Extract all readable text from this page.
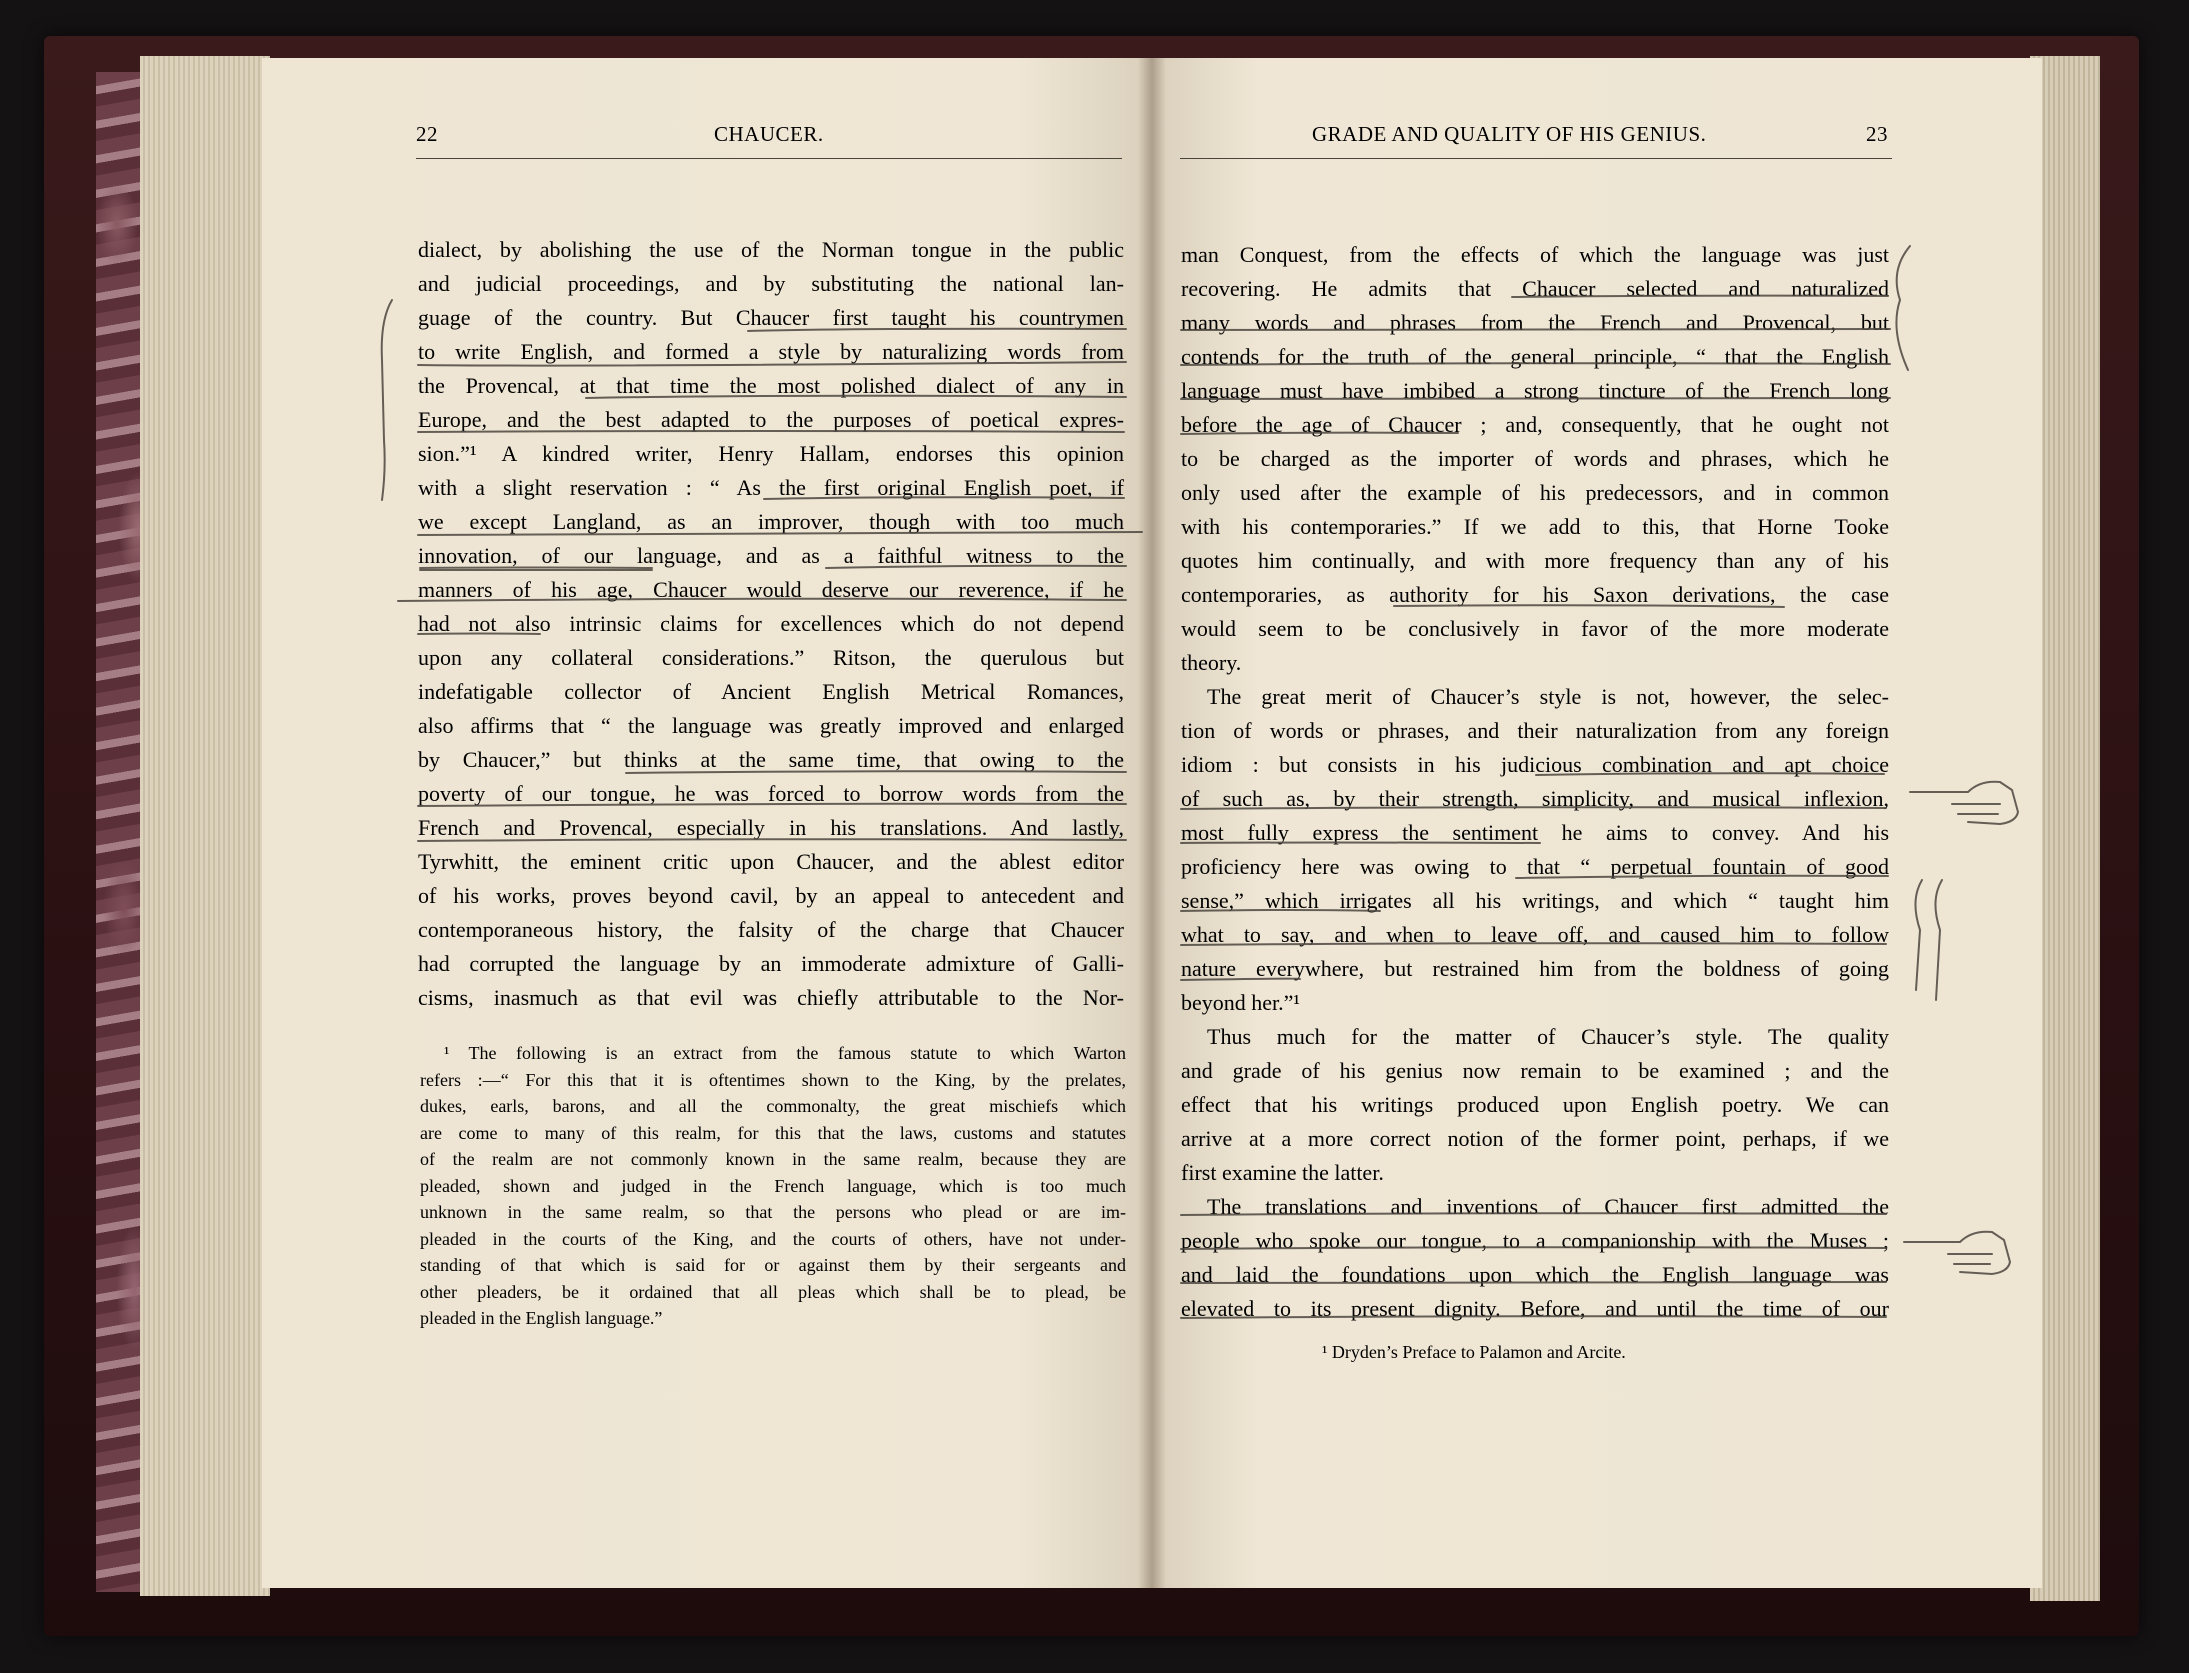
22	CHAUCER.	GRADE AND QUALITY OF HIS GENIUS.	23
dialect, by abolishing the use of the Norman tongue in the public
and judicial proceedings, and by substituting the national lan-
guage of the country. But Chaucer first taught his countrymen
to write English, and formed a style by naturalizing words from
the Provencal, at that time the most polished dialect of any in
Europe, and the best adapted to the purposes of poetical expres-
sion.”¹ A kindred writer, Henry Hallam, endorses this opinion
with a slight reservation : “ As the first original English poet, if
we except Langland, as an improver, though with too much
innovation, of our language, and as a faithful witness to the
manners of his age, Chaucer would deserve our reverence, if he
had not also intrinsic claims for excellences which do not depend
upon any collateral considerations.” Ritson, the querulous but
indefatigable collector of Ancient English Metrical Romances,
also affirms that “ the language was greatly improved and enlarged
by Chaucer,” but thinks at the same time, that owing to the
poverty of our tongue, he was forced to borrow words from the
French and Provencal, especially in his translations. And lastly,
Tyrwhitt, the eminent critic upon Chaucer, and the ablest editor
of his works, proves beyond cavil, by an appeal to antecedent and
contemporaneous history, the falsity of the charge that Chaucer
had corrupted the language by an immoderate admixture of Galli-
cisms, inasmuch as that evil was chiefly attributable to the Nor-
¹ The following is an extract from the famous statute to which Warton
refers :—“ For this that it is oftentimes shown to the King, by the prelates,
dukes, earls, barons, and all the commonalty, the great mischiefs which
are come to many of this realm, for this that the laws, customs and statutes
of the realm are not commonly known in the same realm, because they are
pleaded, shown and judged in the French language, which is too much
unknown in the same realm, so that the persons who plead or are im-
pleaded in the courts of the King, and the courts of others, have not under-
standing of that which is said for or against them by their sergeants and
other pleaders, be it ordained that all pleas which shall be to plead, be
pleaded in the English language.”
man Conquest, from the effects of which the language was just
recovering. He admits that Chaucer selected and naturalized
many words and phrases from the French and Provencal, but
contends for the truth of the general principle, “ that the English
language must have imbibed a strong tincture of the French long
before the age of Chaucer ; and, consequently, that he ought not
to be charged as the importer of words and phrases, which he
only used after the example of his predecessors, and in common
with his contemporaries.” If we add to this, that Horne Tooke
quotes him continually, and with more frequency than any of his
contemporaries, as authority for his Saxon derivations, the case
would seem to be conclusively in favor of the more moderate
theory.
The great merit of Chaucer’s style is not, however, the selec-
tion of words or phrases, and their naturalization from any foreign
idiom : but consists in his judicious combination and apt choice
of such as, by their strength, simplicity, and musical inflexion,
most fully express the sentiment he aims to convey. And his
proficiency here was owing to that “ perpetual fountain of good
sense,” which irrigates all his writings, and which “ taught him
what to say, and when to leave off, and caused him to follow
nature everywhere, but restrained him from the boldness of going
beyond her.”¹
Thus much for the matter of Chaucer’s style. The quality
and grade of his genius now remain to be examined ; and the
effect that his writings produced upon English poetry. We can
arrive at a more correct notion of the former point, perhaps, if we
first examine the latter.
The translations and inventions of Chaucer first admitted the
people who spoke our tongue, to a companionship with the Muses ;
and laid the foundations upon which the English language was
elevated to its present dignity. Before, and until the time of our
¹ Dryden’s Preface to Palamon and Arcite.
